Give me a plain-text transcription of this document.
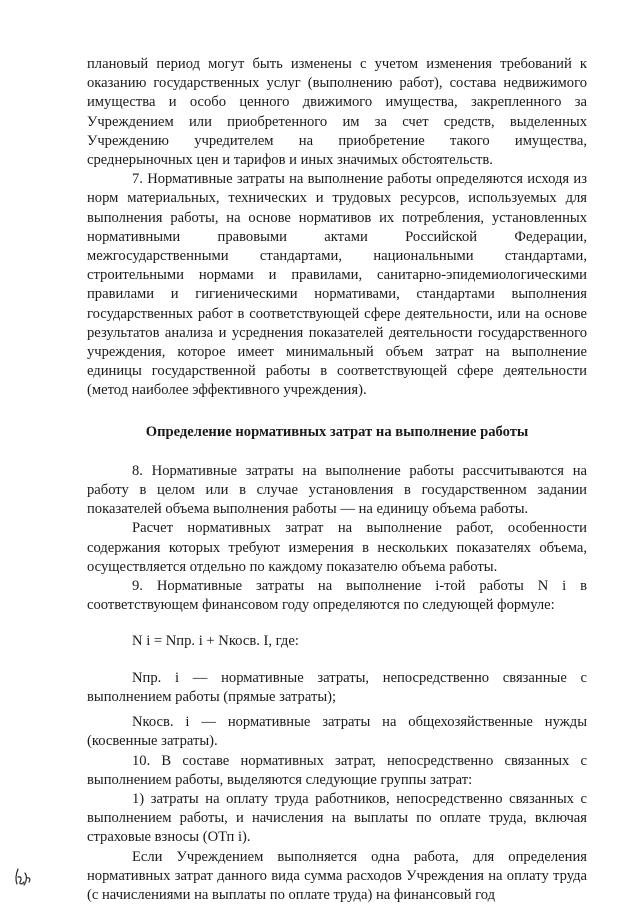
плановый период могут быть изменены с учетом изменения требований к оказанию государственных услуг (выполнению работ), состава недвижимого имущества и особо ценного движимого имущества, закрепленного за Учреждением или приобретенного им за счет средств, выделенных Учреждению учредителем на приобретение такого имущества, среднерыночных цен и тарифов и иных значимых обстоятельств.

7. Нормативные затраты на выполнение работы определяются исходя из норм материальных, технических и трудовых ресурсов, используемых для выполнения работы, на основе нормативов их потребления, установленных нормативными правовыми актами Российской Федерации, межгосударственными стандартами, национальными стандартами, строительными нормами и правилами, санитарно-эпидемиологическими правилами и гигиеническими нормативами, стандартами выполнения государственных работ в соответствующей сфере деятельности, или на основе результатов анализа и усреднения показателей деятельности государственного учреждения, которое имеет минимальный объем затрат на выполнение единицы государственной работы в соответствующей сфере деятельности (метод наиболее эффективного учреждения).

Определение нормативных затрат на выполнение работы

8. Нормативные затраты на выполнение работы рассчитываются на работу в целом или в случае установления в государственном задании показателей объема выполнения работы — на единицу объема работы.

Расчет нормативных затрат на выполнение работ, особенности содержания которых требуют измерения в нескольких показателях объема, осуществляется отдельно по каждому показателю объема работы.

9. Нормативные затраты на выполнение i-той работы N i в соответствующем финансовом году определяются по следующей формуле:

N i = Nпр. i + Nкосв. I, где:

Nпр. i — нормативные затраты, непосредственно связанные с выполнением работы (прямые затраты);

Nкосв. i — нормативные затраты на общехозяйственные нужды (косвенные затраты).

10. В составе нормативных затрат, непосредственно связанных с выполнением работы, выделяются следующие группы затрат:

1) затраты на оплату труда работников, непосредственно связанных с выполнением работы, и начисления на выплаты по оплате труда, включая страховые взносы (ОТп i).

Если Учреждением выполняется одна работа, для определения нормативных затрат данного вида сумма расходов Учреждения на оплату труда (с начислениями на выплаты по оплате труда) на финансовый год
